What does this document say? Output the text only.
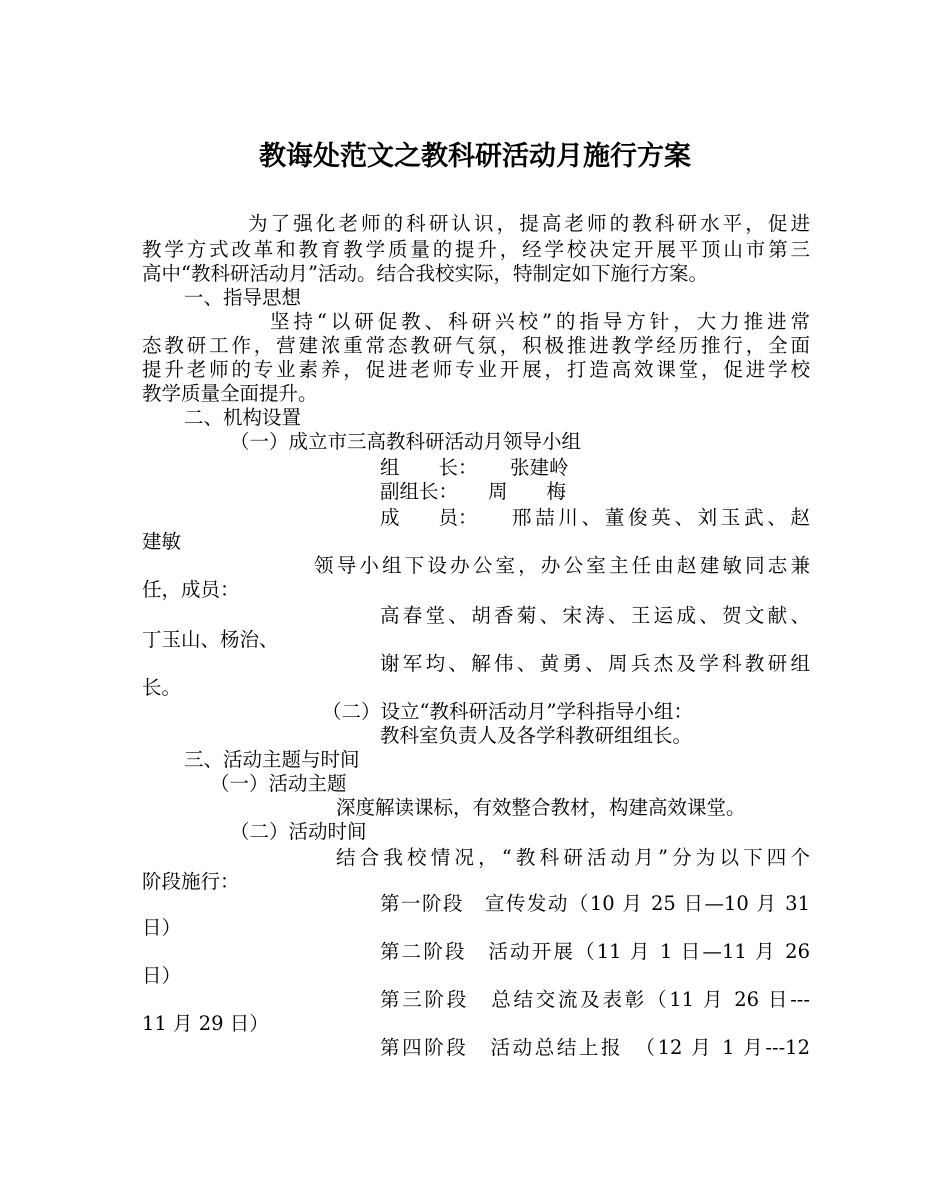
教诲处范文之教科研活动月施行方案
为了强化老师的科研认识，提高老师的教科研水平，促进
教学方式改革和教育教学质量的提升，经学校决定开展平顶山市第三
高中“教科研活动月”活动。结合我校实际，特制定如下施行方案。
一、指导思想
坚持“以研促教、科研兴校”的指导方针，大力推进常
态教研工作，营建浓重常态教研气氛，积极推进教学经历推行，全面
提升老师的专业素养，促进老师专业开展，打造高效课堂，促进学校
教学质量全面提升。
二、机构设置
（一）成立市三高教科研活动月领导小组
组　　长： 张建岭
副组长： 周　　梅
成　　员： 邢喆川、董俊英、刘玉武、赵
建敏
领导小组下设办公室，办公室主任由赵建敏同志兼
任，成员：
高春堂、胡香菊、宋涛、王运成、贺文献、
丁玉山、杨治、
谢军均、解伟、黄勇、周兵杰及学科教研组
长。
（二）设立“教科研活动月”学科指导小组：
教科室负责人及各学科教研组组长。
三、活动主题与时间
（一）活动主题
深度解读课标，有效整合教材，构建高效课堂。
（二）活动时间
结合我校情况，“教科研活动月”分为以下四个
阶段施行：
第一阶段　宣传发动（10 月 25 日—10 月 31
日）
第二阶段　活动开展（11 月 1 日—11 月 26
日）
第三阶段　总结交流及表彰（11 月 26 日---
11 月 29 日）
第四阶段　活动总结上报　（12 月 1 月---12
